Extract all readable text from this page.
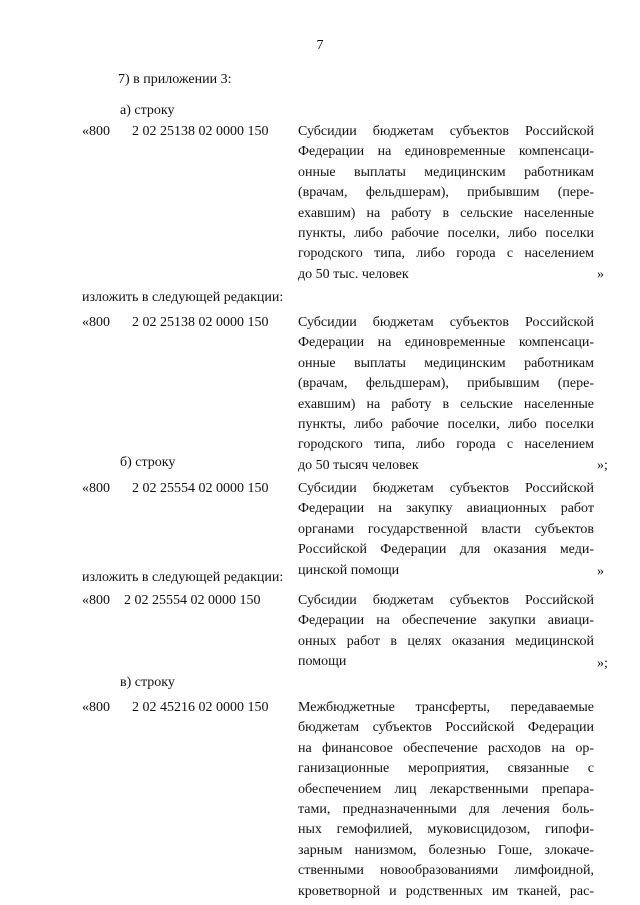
7
7) в приложении 3:
а) строку
«800 2 02 25138 02 0000 150 Субсидии бюджетам субъектов Российской
Федерации на единовременные компенсаци-
онные выплаты медицинским работникам
(врачам, фельдшерам), прибывшим (пере-
ехавшим) на работу в сельские населенные
пункты, либо рабочие поселки, либо поселки
городского типа, либо города с населением
до 50 тыс. человек	»
изложить в следующей редакции:
«800 2 02 25138 02 0000 150 Субсидии бюджетам субъектов Российской
Федерации на единовременные компенсаци-
онные выплаты медицинским работникам
(врачам, фельдшерам), прибывшим (пере-
ехавшим) на работу в сельские населенные
пункты, либо рабочие поселки, либо поселки
городского типа, либо города с населением
до 50 тысяч человек	»;
б) строку
«800 2 02 25554 02 0000 150 Субсидии бюджетам субъектов Российской
Федерации на закупку авиационных работ
органами государственной власти субъектов
Российской Федерации для оказания меди-
цинской помощи	»
изложить в следующей редакции:
«800 2 02 25554 02 0000 150	Субсидии бюджетам субъектов Российской
Федерации на обеспечение закупки авиаци-
онных работ в целях оказания медицинской
помощи	»;
в) строку
«800 2 02 45216 02 0000 150 Межбюджетные трансферты, передаваемые
бюджетам субъектов Российской Федерации
на финансовое обеспечение расходов на ор-
ганизационные мероприятия, связанные с
обеспечением лиц лекарственными препара-
тами, предназначенными для лечения боль-
ных гемофилией, муковисцидозом, гипофи-
зарным нанизмом, болезнью Гоше, злокаче-
ственными новообразованиями лимфоидной,
кроветворной и родственных им тканей, рас-
